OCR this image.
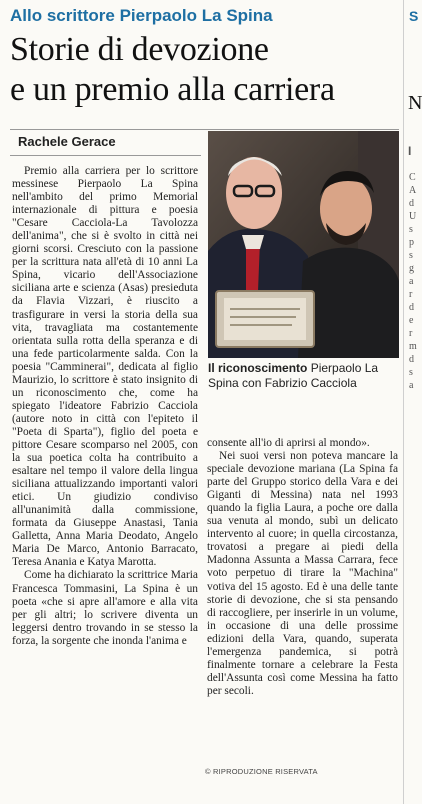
Allo scrittore Pierpaolo La Spina
Storie di devozione
e un premio alla carriera
Rachele Gerace

Premio alla carriera per lo scrittore messinese Pierpaolo La Spina nell'ambito del primo Memorial internazionale di pittura e poesia "Cesare Cacciola-La Tavolozza dell'anima", che si è svolto in città nei giorni scorsi. Cresciuto con la passione per la scrittura nata all'età di 10 anni La Spina, vicario dell'Associazione siciliana arte e scienza (Asas) presieduta da Flavia Vizzari, è riuscito a trasfigurare in versi la storia della sua vita, travagliata ma costantemente orientata sulla rotta della speranza e di una fede particolarmente salda. Con la poesia "Camminerai", dedicata al figlio Maurizio, lo scrittore è stato insignito di un riconoscimento che, come ha spiegato l'ideatore Fabrizio Cacciola (autore noto in città con l'epiteto il "Poeta di Sparta"), figlio del poeta e pittore Cesare scomparso nel 2005, con la sua poetica colta ha contribuito a esaltare nel tempo il valore della lingua siciliana attualizzando importanti valori etici. Un giudizio condiviso all'unanimità dalla commissione, formata da Giuseppe Anastasi, Tania Galletta, Anna Maria Deodato, Angelo Maria De Marco, Antonio Barracato, Teresa Anania e Katya Marotta.

Come ha dichiarato la scrittrice Maria Francesca Tommasini, La Spina è un poeta «che si apre all'amore e alla vita per gli altri; lo scrivere diventa un leggersi dentro trovando in se stesso la forza, la sorgente che inonda l'anima e

Il riconoscimento Pierpaolo La Spina con Fabrizio Cacciola

consente all'io di aprirsi al mondo».

Nei suoi versi non poteva mancare la speciale devozione mariana (La Spina fa parte del Gruppo storico della Vara e dei Giganti di Messina) nata nel 1993 quando la figlia Laura, a poche ore dalla sua venuta al mondo, subì un delicato intervento al cuore; in quella circostanza, trovatosi a pregare ai piedi della Madonna Assunta a Massa Carrara, fece voto perpetuo di tirare la "Machina" votiva del 15 agosto. Ed è una delle tante storie di devozione, che si sta pensando di raccogliere, per inserirle in un volume, in occasione di una delle prossime edizioni della Vara, quando, superata l'emergenza pandemica, si potrà finalmente tornare a celebrare la Festa dell'Assunta così come Messina ha fatto per secoli.

© RIPRODUZIONE RISERVATA
S
N
I
C
A
d
U
s
p
s
g
a
r
d
e
r
m
d
s
a
